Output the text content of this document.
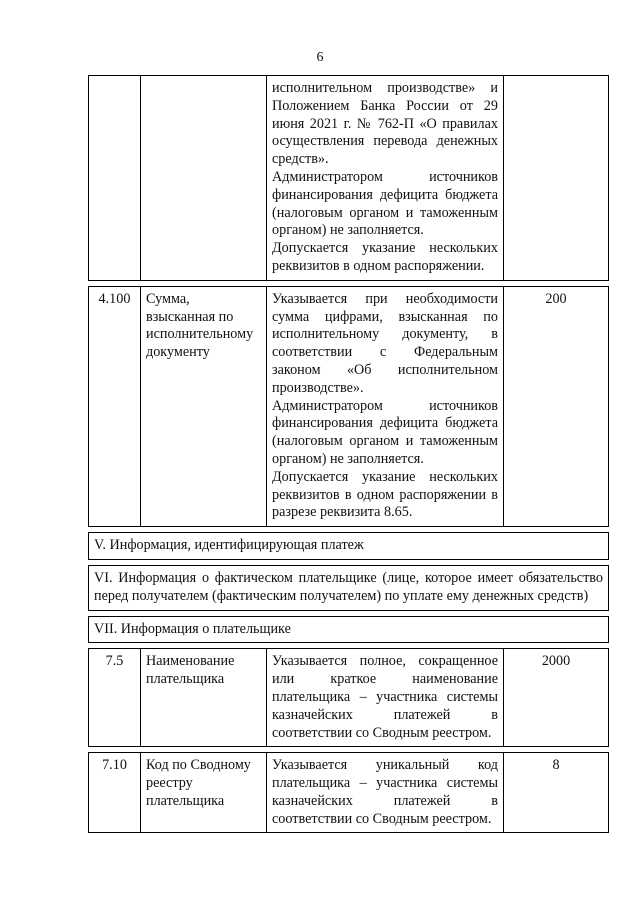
6

		исполнительном производстве» и Положением Банка России от 29 июня 2021 г. № 762-П «О правилах осуществления перевода денежных средств».

Администратором источников финансирования дефицита бюджета (налоговым органом и таможенным органом) не заполняется.

Допускается указание нескольких реквизитов в одном распоряжении.	

4.100	Сумма, взысканная по исполнительному документу	Указывается при необходимости сумма цифрами, взысканная по исполнительному документу, в соответствии с Федеральным законом «Об исполнительном производстве».

Администратором источников финансирования дефицита бюджета (налоговым органом и таможенным органом) не заполняется.

Допускается указание нескольких реквизитов в одном распоряжении в разрезе реквизита 8.65.	200

V. Информация, идентифицирующая платеж			

VI. Информация о фактическом плательщике (лице, которое имеет обязательство перед получателем (фактическим получателем) по уплате ему денежных средств)			

VII. Информация о плательщике			

7.5	Наименование плательщика	Указывается полное, сокращенное или краткое наименование плательщика – участника системы казначейских платежей в соответствии со Сводным реестром.	2000

7.10	Код по Сводному реестру плательщика	Указывается уникальный код плательщика – участника системы казначейских платежей в соответствии со Сводным реестром.	8
